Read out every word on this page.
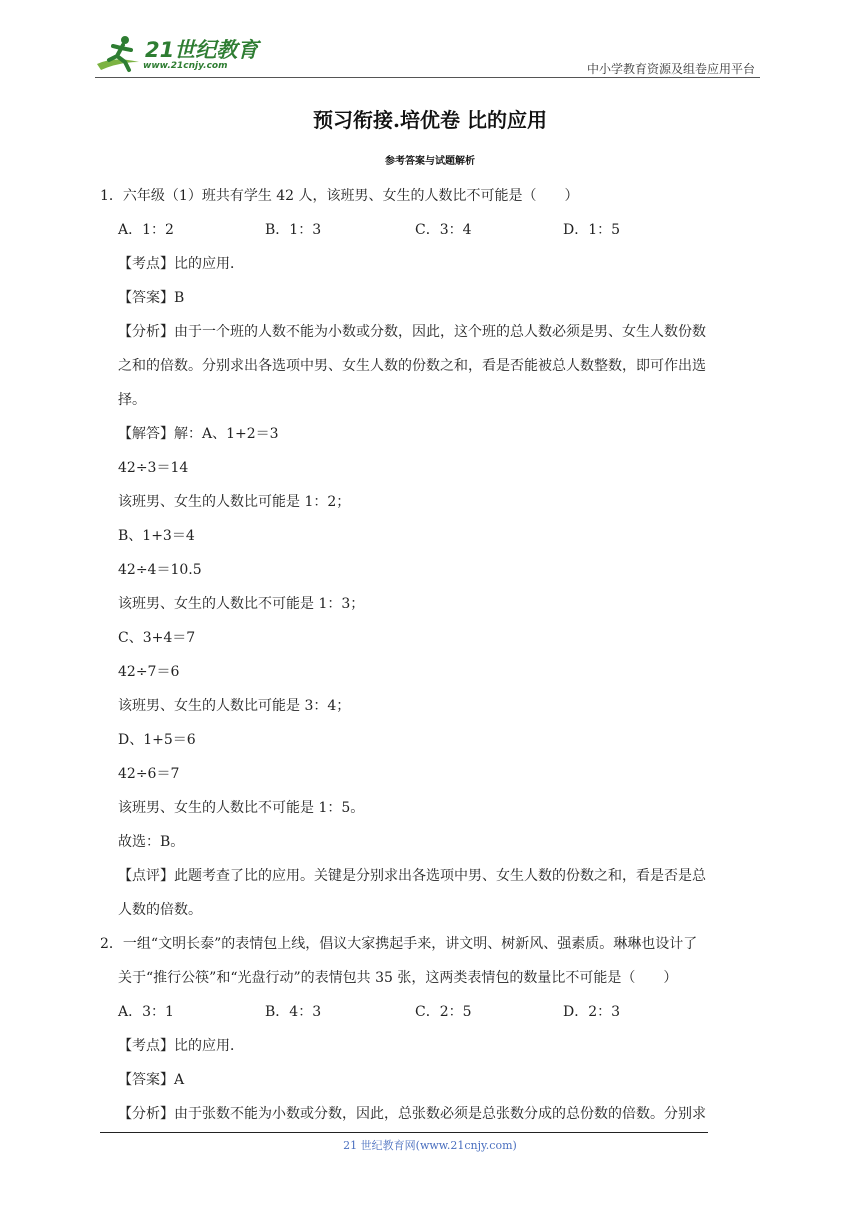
21世纪教育
www.21cnjy.com	中小学教育资源及组卷应用平台
预习衔接.培优卷 比的应用
参考答案与试题解析
1．六年级（1）班共有学生 42 人，该班男、女生的人数比不可能是（　　）
A．1：2	B．1：3	C．3：4	D．1：5
【考点】比的应用．
【答案】B
【分析】由于一个班的人数不能为小数或分数，因此，这个班的总人数必须是男、女生人数份数
之和的倍数。分别求出各选项中男、女生人数的份数之和，看是否能被总人数整数，即可作出选
择。
【解答】解：A、1+2＝3
42÷3＝14
该班男、女生的人数比可能是 1：2；
B、1+3＝4
42÷4＝10.5
该班男、女生的人数比不可能是 1：3；
C、3+4＝7
42÷7＝6
该班男、女生的人数比可能是 3：4；
D、1+5＝6
42÷6＝7
该班男、女生的人数比不可能是 1：5。
故选：B。
【点评】此题考查了比的应用。关键是分别求出各选项中男、女生人数的份数之和，看是否是总
人数的倍数。
2．一组“文明长泰”的表情包上线，倡议大家携起手来，讲文明、树新风、强素质。琳琳也设计了
关于“推行公筷”和“光盘行动”的表情包共 35 张，这两类表情包的数量比不可能是（　　）
A．3：1	B．4：3	C．2：5	D．2：3
【考点】比的应用．
【答案】A
【分析】由于张数不能为小数或分数，因此，总张数必须是总张数分成的总份数的倍数。分别求
21 世纪教育网(www.21cnjy.com)
